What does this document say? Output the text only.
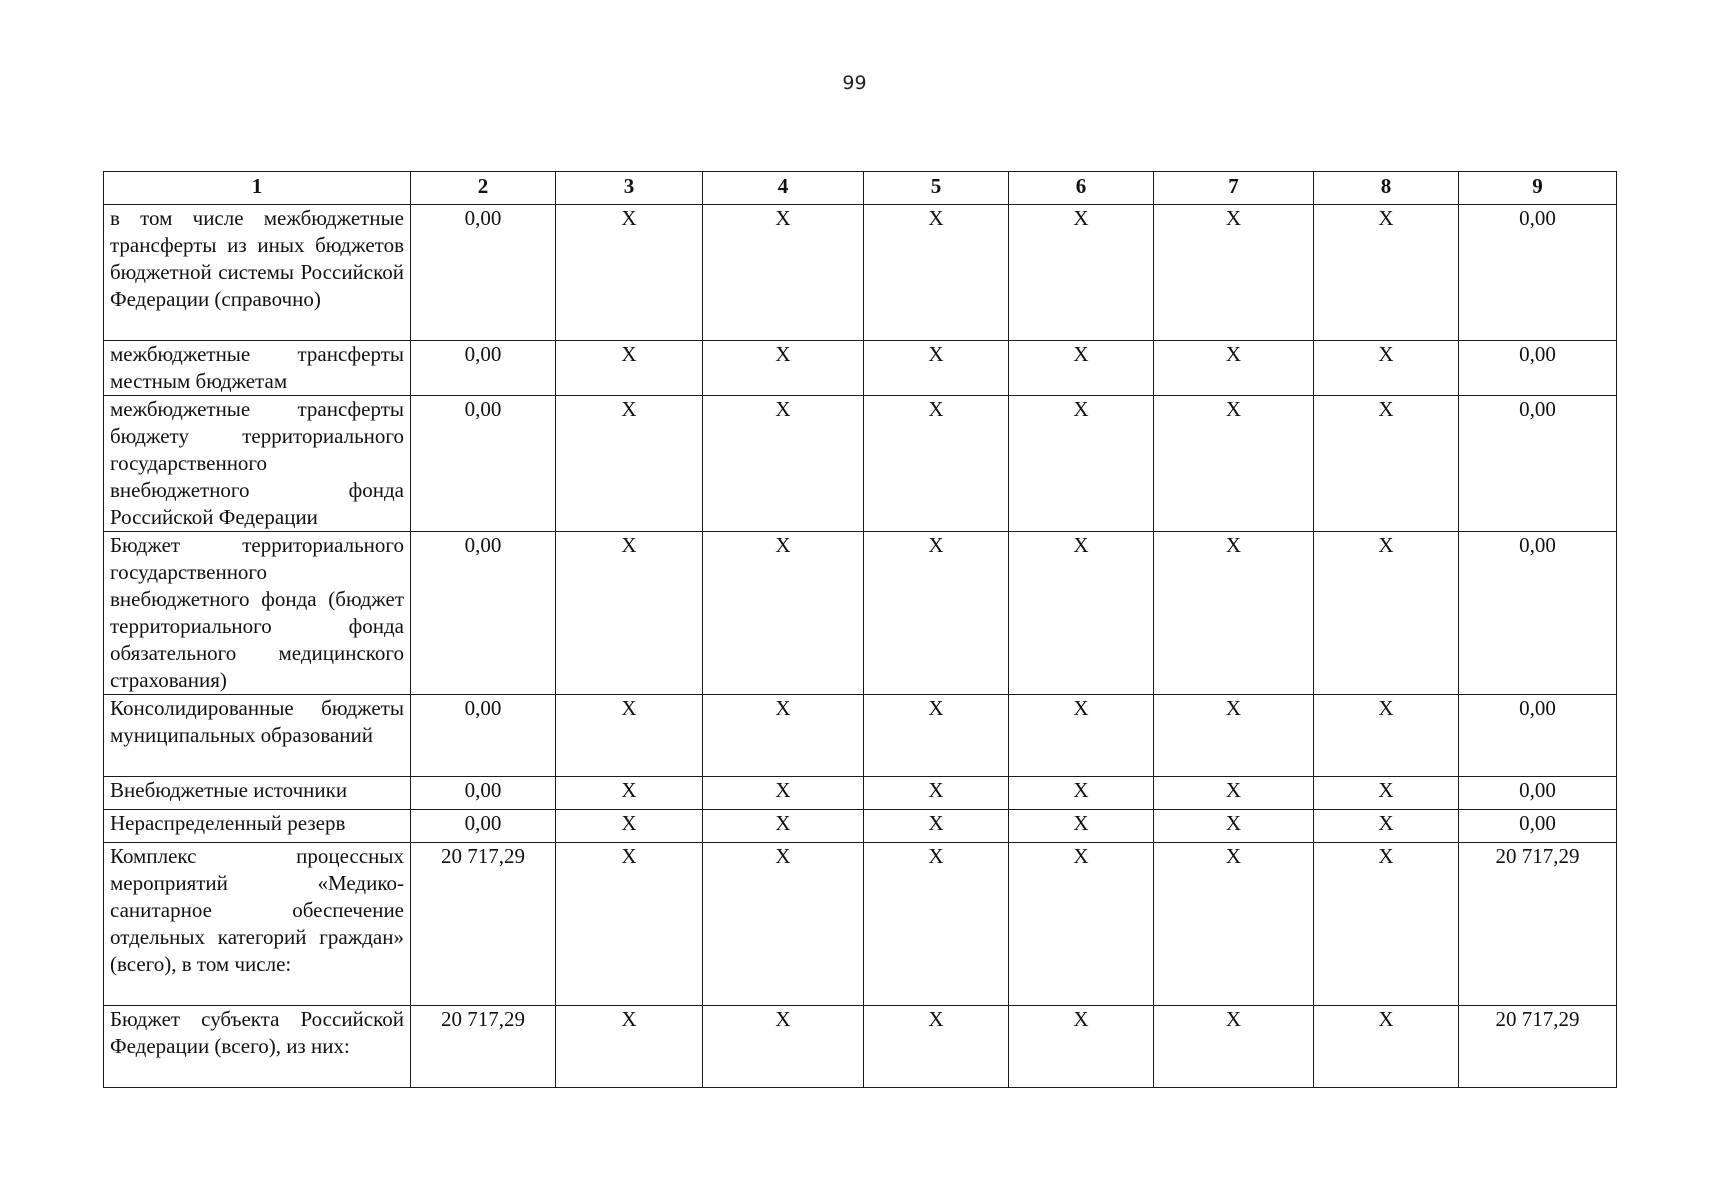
99
1	2	3	4	5	6	7	8	9
в том числе межбюджетные трансферты из иных бюджетов бюджетной системы Российской Федерации (справочно)	0,00	X	X	X	X	X	X	0,00
межбюджетные трансферты местным бюджетам	0,00	X	X	X	X	X	X	0,00
межбюджетные трансферты бюджету территориального государственного внебюджетного фонда Российской Федерации	0,00	X	X	X	X	X	X	0,00
Бюджет территориального государственного внебюджетного фонда (бюджет территориального фонда обязательного медицинского страхования)	0,00	X	X	X	X	X	X	0,00
Консолидированные бюджеты муниципальных образований	0,00	X	X	X	X	X	X	0,00
Внебюджетные источники	0,00	X	X	X	X	X	X	0,00
Нераспределенный резерв	0,00	X	X	X	X	X	X	0,00
Комплекс процессных мероприятий «Медико-санитарное обеспечение отдельных категорий граждан» (всего), в том числе:	20 717,29	X	X	X	X	X	X	20 717,29
Бюджет субъекта Российской Федерации (всего), из них:	20 717,29	X	X	X	X	X	X	20 717,29
